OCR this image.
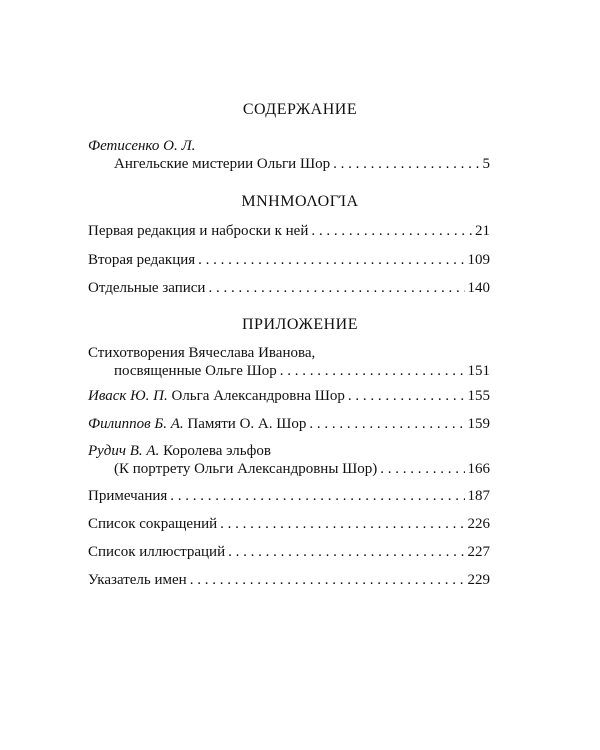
СОДЕРЖАНИЕ
Фетисенко О. Л.
Ангельские мистерии Ольги Шор . . .	5
ΜΝΗΜΟΛΟΓΊΑ
Первая редакция и наброски к ней . . .	21
Вторая редакция . . .	109
Отдельные записи . . .	140
ПРИЛОЖЕНИЕ
Стихотворения Вячеслава Иванова,
посвященные Ольге Шор . . .	151
Иваск Ю. П.
Ольга Александровна Шор . . .	155
Филиппов Б. А.
Памяти О. А. Шор . . .	159
Рудич В. А.
Королева эльфов
(К портрету Ольги Александровны Шор) . . .	166
Примечания . . .	187
Список сокращений . . .	226
Список иллюстраций . . .	227
Указатель имен . . .	229
